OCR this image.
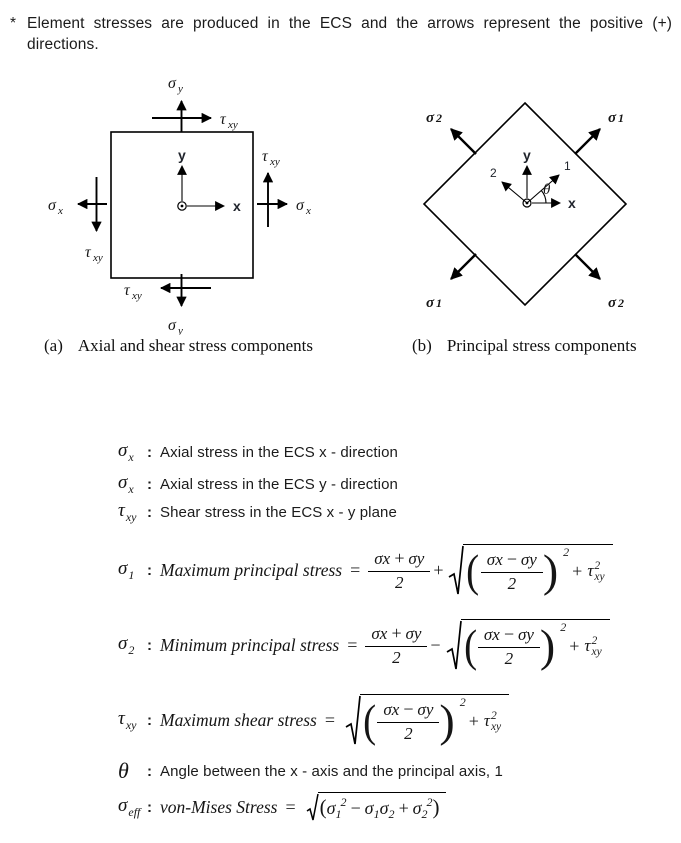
* Element stresses are produced in the ECS and the arrows represent the positive (+)
directions.
y
x
σ y
τ xy
σ x
τ xy
σ x
τ xy
τ xy
σ y
y
x
1
2
θ
σ 1
σ 2
σ 1	σ 2
(a) Axial and shear stress components	(b) Principal stress components
$\sigma_x$ : Axial stress in the ECS x - direction
$\sigma_x$ : Axial stress in the ECS y - direction
$\tau_{xy}$ : Shear stress in the ECS x - y plane
$\sigma_1$ : Maximum principal stress = $\frac{\sigma x + \sigma y}{2}$ + ( $\frac{\sigma x - \sigma y}{2}$ ) 2
+ τ 2
xy
$\sigma_2$ : Minimum principal stress = $\frac{\sigma x + \sigma y}{2}$ − ( $\frac{\sigma x - \sigma y}{2}$ ) 2
+ τ 2
xy
$\tau_{xy}$ : Maximum shear stress = ( $\frac{\sigma x - \sigma y}{2}$ ) 2
+ τ 2
xy
θ	: Angle between the x - axis and the principal axis, 1
$\sigma_{eff}$ : von-Mises Stress = $(\sigma_1^2 - \sigma_1\sigma_2 + \sigma_2^2)$
